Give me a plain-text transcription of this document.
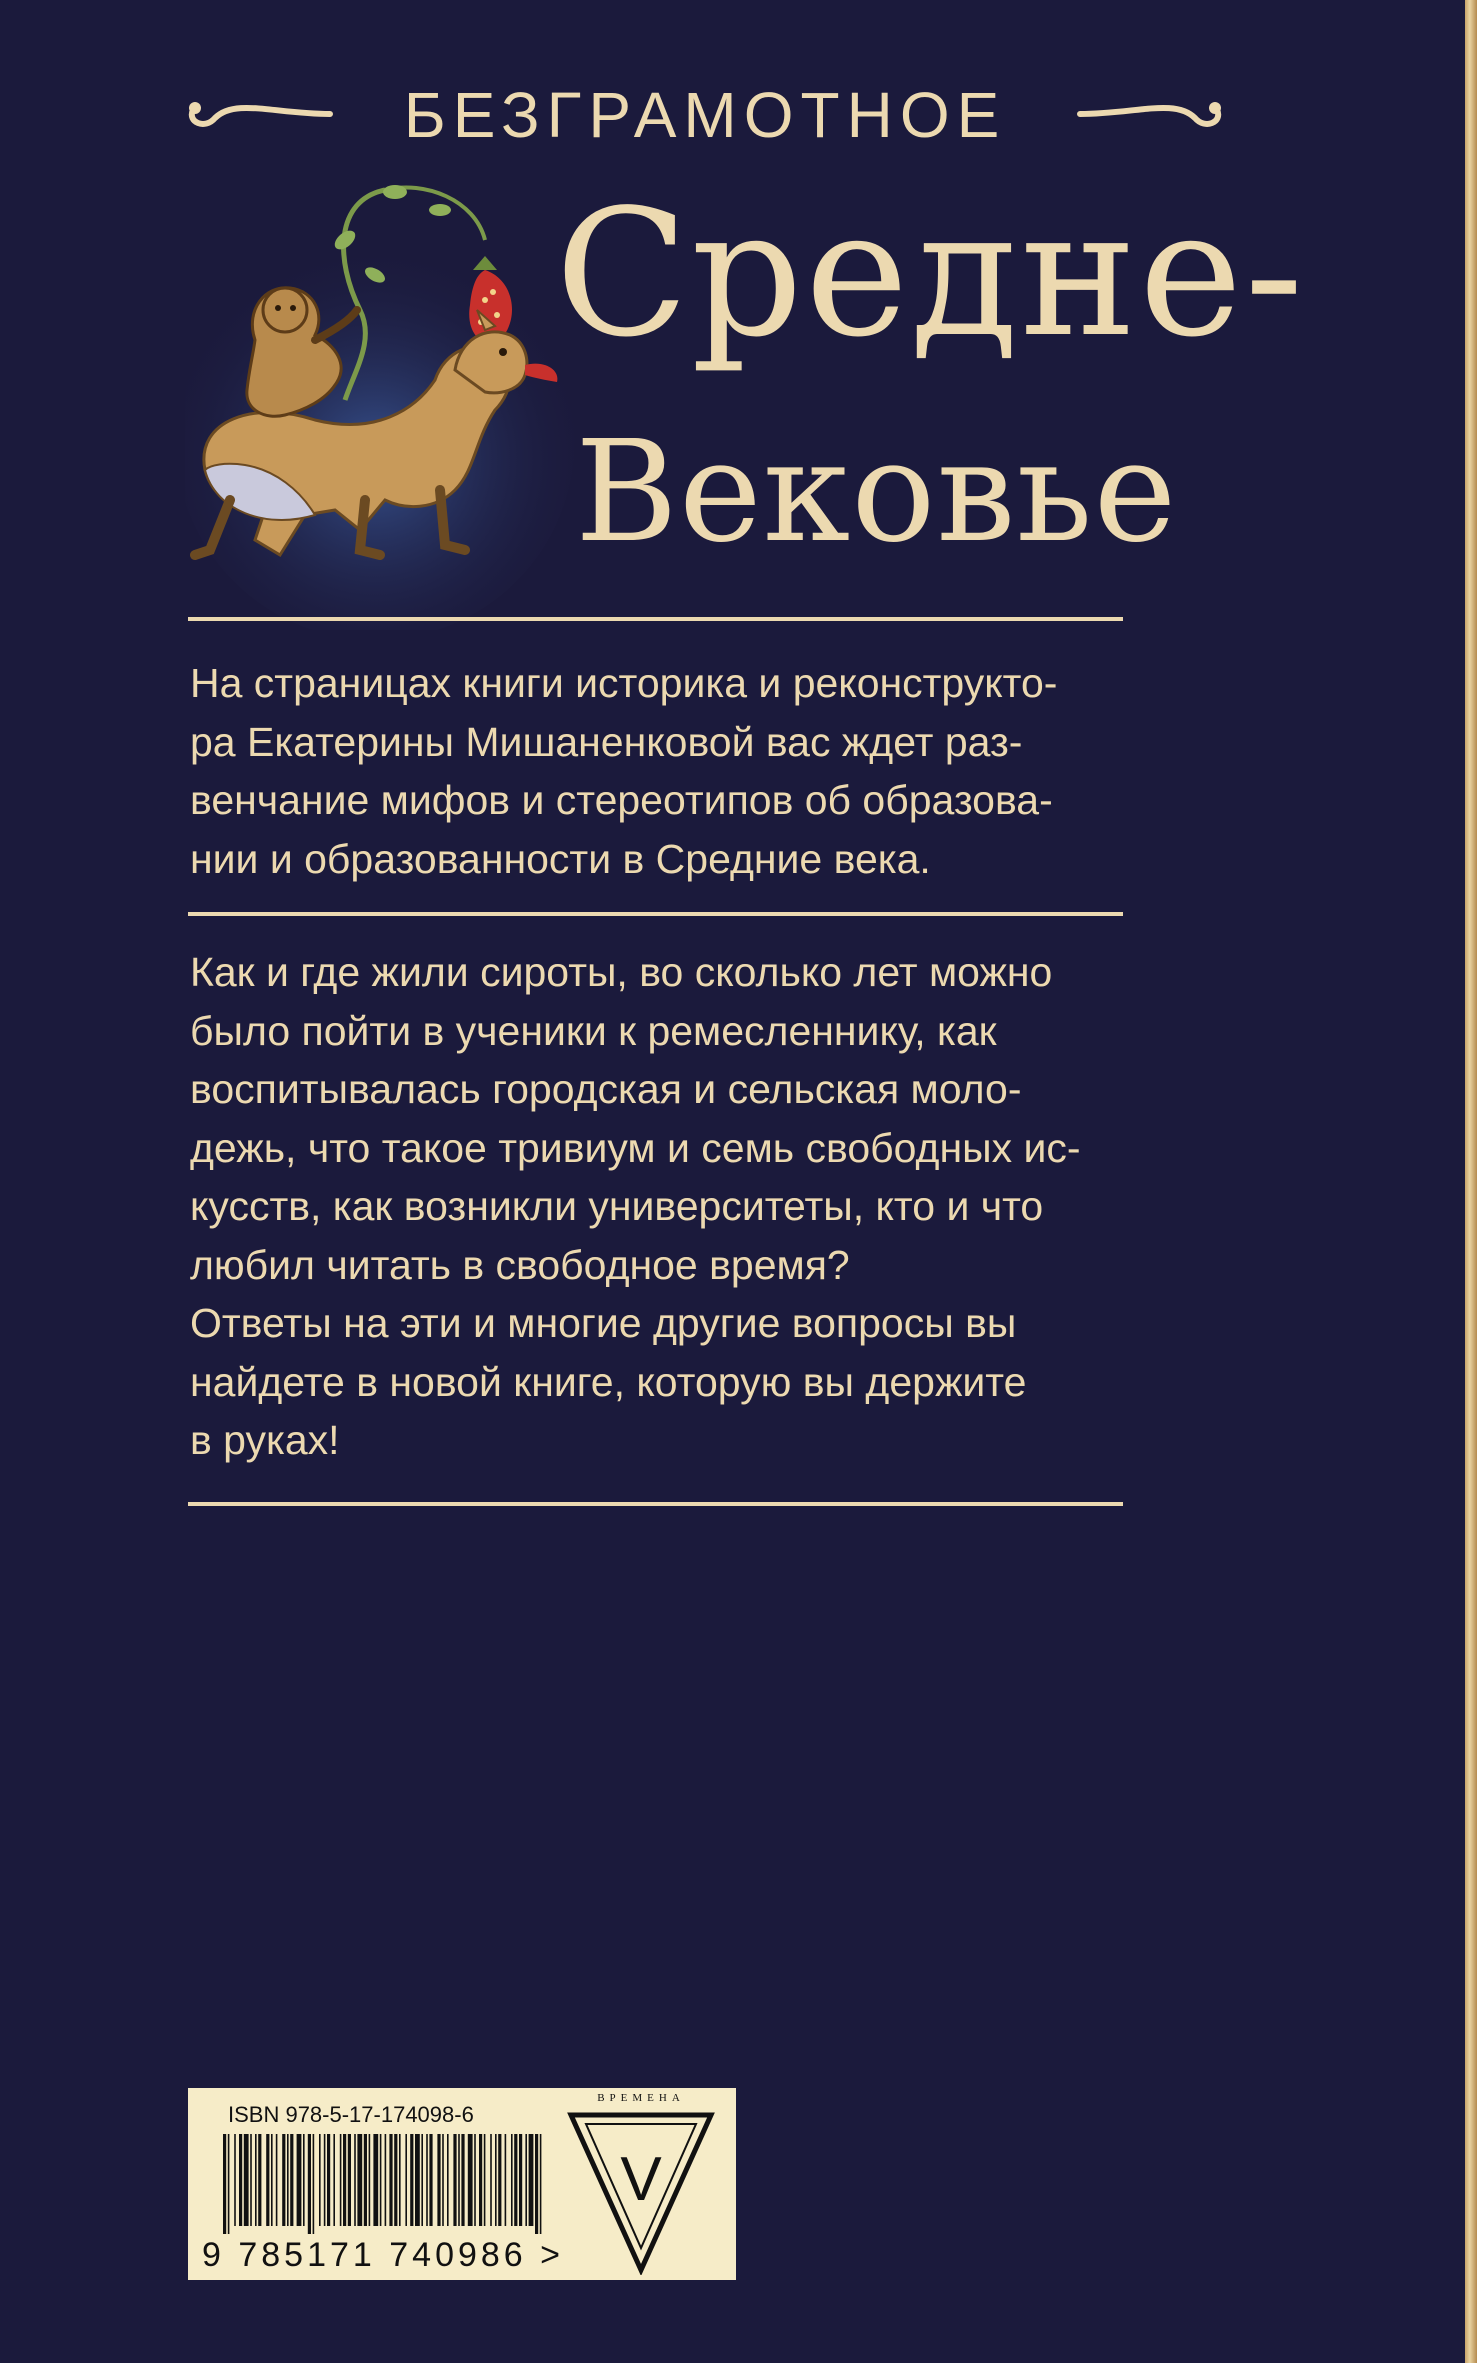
БЕЗГРАМОТНОЕ
Средне-
Вековье

На страницах книги историка и реконструкто-

ра Екатерины Мишаненковой вас ждет раз-

венчание мифов и стереотипов об образова-

нии и образованности в Средние века.

Как и где жили сироты, во сколько лет можно

было пойти в ученики к ремесленнику, как

воспитывалась городская и сельская моло-

дежь, что такое тривиум и семь свободных ис-

кусств, как возникли университеты, кто и что

любил читать в свободное время?

Ответы на эти и многие другие вопросы вы

найдете в новой книге, которую вы держите

в руках!

ISBN 978-5-17-174098-6
9 785171 740986 >
ВРЕМЕНА
V
